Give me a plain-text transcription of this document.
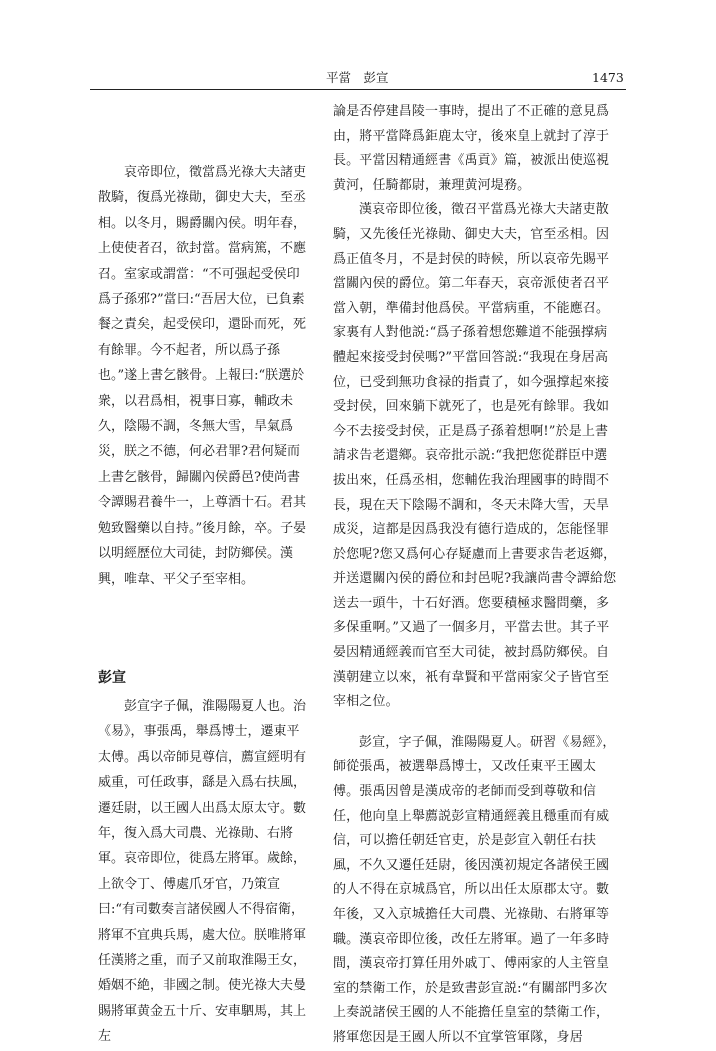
平當　彭宣	1473

哀帝即位，徵當爲光祿大夫諸吏散騎，復爲光祿勛，御史大夫，至丞相。以冬月，賜爵關內侯。明年春，上使使者召，欲封當。當病篤，不應召。室家或謂當：“不可强起受侯印爲子孫邪?”當曰:“吾居大位，已負素餐之責矣，起受侯印，還卧而死，死有餘罪。今不起者，所以爲子孫也。”遂上書乞骸骨。上報曰:“朕選於衆，以君爲相，視事日寡，輔政未久，陰陽不調，冬無大雪，旱氣爲災，朕之不德，何必君罪?君何疑而上書乞骸骨，歸關內侯爵邑?使尚書令譚賜君養牛一，上尊酒十石。君其勉致醫藥以自持。”後月餘，卒。子晏以明經歷位大司徒，封防鄉侯。漢興，唯韋、平父子至宰相。

彭宣

彭宣字子佩，淮陽陽夏人也。治《易》，事張禹，舉爲博士，遷東平太傅。禹以帝師見尊信，薦宣經明有威重，可任政事，繇是入爲右扶風，遷廷尉，以王國人出爲太原太守。數年，復入爲大司農、光祿勛、右將軍。哀帝即位，徙爲左將軍。歲餘，上欲令丁、傅處爪牙官，乃策宣曰:“有司數奏言諸侯國人不得宿衛，將軍不宜典兵馬，處大位。朕唯將軍任漢將之重，而子又前取淮陽王女，婚姻不絶，非國之制。使光祿大夫曼賜將軍黄金五十斤、安車駟馬，其上左

論是否停建昌陵一事時，提出了不正確的意見爲由，將平當降爲鉅鹿太守，後來皇上就封了淳于長。平當因精通經書《禹貢》篇，被派出使巡視黄河，任騎都尉，兼理黄河堤務。

漢哀帝即位後，徵召平當爲光祿大夫諸吏散騎，又先後任光祿勛、御史大夫，官至丞相。因爲正值冬月，不是封侯的時候，所以哀帝先賜平當關內侯的爵位。第二年春天，哀帝派使者召平當入朝，準備封他爲侯。平當病重，不能應召。家裏有人對他説:“爲子孫着想您難道不能强撑病體起來接受封侯嗎?”平當回答説:“我現在身居高位，已受到無功食禄的指責了，如今强撑起來接受封侯，回來躺下就死了，也是死有餘罪。我如今不去接受封侯，正是爲子孫着想啊!”於是上書請求告老還鄉。哀帝批示説:“我把您從群臣中選拔出來，任爲丞相，您輔佐我治理國事的時間不長，現在天下陰陽不調和，冬天未降大雪，天旱成災，這都是因爲我没有德行造成的，怎能怪罪於您呢?您又爲何心存疑慮而上書要求告老返鄉，并送還關內侯的爵位和封邑呢?我讓尚書令譚給您送去一頭牛，十石好酒。您要積極求醫問藥，多多保重啊。”又過了一個多月，平當去世。其子平晏因精通經義而官至大司徒，被封爲防鄉侯。自漢朝建立以來，衹有韋賢和平當兩家父子皆官至宰相之位。

彭宣，字子佩，淮陽陽夏人。研習《易經》，師從張禹，被選舉爲博士，又改任東平王國太傅。張禹因曾是漢成帝的老師而受到尊敬和信任，他向皇上舉薦説彭宣精通經義且穩重而有威信，可以擔任朝廷官吏，於是彭宣入朝任右扶風，不久又遷任廷尉，後因漢初規定各諸侯王國的人不得在京城爲官，所以出任太原郡太守。數年後，又入京城擔任大司農、光祿勛、右將軍等職。漢哀帝即位後，改任左將軍。過了一年多時間，漢哀帝打算任用外戚丁、傅兩家的人主管皇室的禁衛工作，於是致書彭宣説:“有關部門多次上奏説諸侯王國的人不能擔任皇室的禁衛工作，將軍您因是王國人所以不宜掌管軍隊，身居
